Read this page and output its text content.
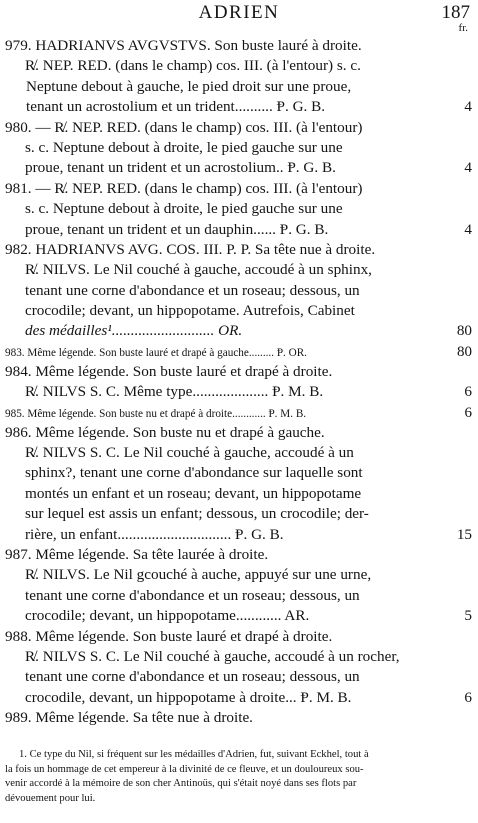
ADRIEN	187
fr.
979. HADRIANVS AVGVSTVS. Son buste lauré à droite.
R̸. NEP. RED. (dans le champ) cos. III. (à l'entour) s. c.
Neptune debout à gauche, le pied droit sur une proue,
tenant un acrostolium et un trident.......... Ᵽ. G. B.	4
980. — R̸. NEP. RED. (dans le champ) cos. III. (à l'entour)
s. c. Neptune debout à droite, le pied gauche sur une
proue, tenant un trident et un acrostolium.. Ᵽ. G. B.	4
981. — R̸. NEP. RED. (dans le champ) cos. III. (à l'entour)
s. c. Neptune debout à droite, le pied gauche sur une
proue, tenant un trident et un dauphin...... Ᵽ. G. B.	4
982. HADRIANVS AVG. COS. III. P. P. Sa tête nue à droite.
R̸. NILVS. Le Nil couché à gauche, accoudé à un sphinx,
tenant une corne d'abondance et un roseau; dessous, un
crocodile; devant, un hippopotame. Autrefois, Cabinet
des médailles¹........................... OR.	80
983. Même légende. Son buste lauré et drapé à gauche......... Ᵽ. OR.	80
984. Même légende. Son buste lauré et drapé à droite.
R̸. NILVS S. C. Même type.................... Ᵽ. M. B.	6
985. Même légende. Son buste nu et drapé à droite............ Ᵽ. M. B.	6
986. Même légende. Son buste nu et drapé à gauche.
R̸. NILVS S. C. Le Nil couché à gauche, accoudé à un
sphinx?, tenant une corne d'abondance sur laquelle sont
montés un enfant et un roseau; devant, un hippopotame
sur lequel est assis un enfant; dessous, un crocodile; der-
rière, un enfant.............................. Ᵽ. G. B.	15
987. Même légende. Sa tête laurée à droite.
R̸. NILVS. Le Nil gcouché à auche, appuyé sur une urne,
tenant une corne d'abondance et un roseau; dessous, un
crocodile; devant, un hippopotame............ AR.	5
988. Même légende. Son buste lauré et drapé à droite.
R̸. NILVS S. C. Le Nil couché à gauche, accoudé à un rocher,
tenant une corne d'abondance et un roseau; dessous, un
crocodile, devant, un hippopotame à droite... Ᵽ. M. B.	6
989. Même légende. Sa tête nue à droite.
1. Ce type du Nil, si fréquent sur les médailles d'Adrien, fut, suivant Eckhel, tout à
la fois un hommage de cet empereur à la divinité de ce fleuve, et un douloureux sou-
venir accordé à la mémoire de son cher Antinoüs, qui s'était noyé dans ses flots par
dévouement pour lui.
